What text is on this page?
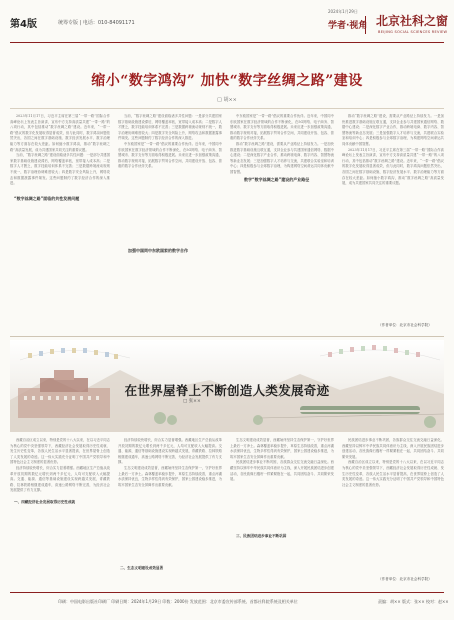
第4版	统筹专版 | 电话：010-84091171
2024年1月29日
学者·视角 北京社科之窗
BEIJING SOCIAL SCIENCES REVIEW
缩小“数字鸿沟” 加快“数字丝绸之路”建设
□ 胡××

2023年11月17日，习近平主席在第三届“一带一路”国际合作高峰论坛上发表主旨演讲，宣布中方支持高质量共建“一带一路”的八项行动，其中包括推动“数字丝绸之路”建设。近年来，“一带一路”倡议的数字化发展取得显著成效，但与此同时，数字鸿沟问题依然突出，各国之间在数字基础设施、数字经济发展水平、数字治理能力等方面存在较大差距。如何缩小数字鸿沟，推动“数字丝绸之路”高质量发展，成为共建国家共同关注的重要议题。

当前，“数字丝绸之路”建设面临诸多共性问题：一是部分共建国家数字基础设施建设滞后，网络覆盖率低，宽带接入成本高；二是数字人才匮乏，数字技能培训体系不完善；三是数据跨境流动规则不统一，数字治理协调难度较大；四是数字安全风险上升，网络攻击和数据泄露事件频发。这些问题制约了数字经济合作的深入推进。

“数字丝绸之路”面临的共性发展问题

当前，“数字丝绸之路”建设面临诸多共性问题：一是部分共建国家数字基础设施建设滞后，网络覆盖率低，宽带接入成本高；二是数字人才匮乏，数字技能培训体系不完善；三是数据跨境流动规则不统一，数字治理协调难度较大；四是数字安全风险上升，网络攻击和数据泄露事件频发。这些问题制约了数字经济合作的深入推进。

中东欧国家是“一带一路”倡议的重要合作伙伴。近年来，中国同中东欧国家在数字经济领域的合作不断深化，在5G网络、电子商务、智慧城市、数字支付等方面取得积极进展。未来应进一步加强政策沟通，推动数字规则对接，拓展数字贸易合作空间，共同建设开放、包容、普惠的数字合作伙伴关系。

加强中国同中东欧国家的数字合作

中东欧国家是“一带一路”倡议的重要合作伙伴。近年来，中国同中东欧国家在数字经济领域的合作不断深化，在5G网络、电子商务、智慧城市、数字支付等方面取得积极进展。未来应进一步加强政策沟通，推动数字规则对接，拓展数字贸易合作空间，共同建设开放、包容、普惠的数字合作伙伴关系。

推动“数字丝绸之路”建设，需要从产业路径上持续发力。一是加快推进数字基础设施互联互通，支持企业参与共建国家通信网络、数据中心建设；二是深化数字产业合作，推动跨境电商、数字内容、智慧物流等新业态发展；三是加强数字人才培养与交流，共建联合实验室和培训中心；四是积极参与全球数字治理，为构建网络空间命运共同体贡献中国智慧。

数字“数字丝绸之路”建设的产业路径

推动“数字丝绸之路”建设，需要从产业路径上持续发力。一是加快推进数字基础设施互联互通，支持企业参与共建国家通信网络、数据中心建设；二是深化数字产业合作，推动跨境电商、数字内容、智慧物流等新业态发展；三是加强数字人才培养与交流，共建联合实验室和培训中心；四是积极参与全球数字治理，为构建网络空间命运共同体贡献中国智慧。

2023年11月17日，习近平主席在第三届“一带一路”国际合作高峰论坛上发表主旨演讲，宣布中方支持高质量共建“一带一路”的八项行动，其中包括推动“数字丝绸之路”建设。近年来，“一带一路”倡议的数字化发展取得显著成效，但与此同时，数字鸿沟问题依然突出，各国之间在数字基础设施、数字经济发展水平、数字治理能力等方面存在较大差距。如何缩小数字鸿沟，推动“数字丝绸之路”高质量发展，成为共建国家共同关注的重要议题。

（作者单位：北京市社会科学院）
在世界屋脊上不断创造人类发展奇迹
□ 张××

西藏自治区成立以来，特别是党的十八大以来，在以习近平同志为核心的党中央坚强领导下，西藏经济社会发展取得历史性成就、发生历史性变革，各族人民生活水平显著提高，在世界屋脊上创造了人类发展的奇迹。这一伟大实践充分证明了中国共产党领导和中国特色社会主义制度的显著优势。

经济持续较快增长，综合实力显著增强。西藏地区生产总值从改革开放初期的数亿元增长到两千多亿元，人均可支配收入大幅提高。交通、能源、通信等基础设施建设实现跨越式发展，青藏铁路、拉林铁路相继建成通车，高速公路网络不断完善，为经济社会发展提供了有力支撑。

一、西藏经济社会发展取得历史性成就

经济持续较快增长，综合实力显著增强。西藏地区生产总值从改革开放初期的数亿元增长到两千多亿元，人均可支配收入大幅提高。交通、能源、通信等基础设施建设实现跨越式发展，青藏铁路、拉林铁路相继建成通车，高速公路网络不断完善，为经济社会发展提供了有力支撑。

生态文明建设成效显著，西藏始终坚持生态保护第一，守护好世界上最后一方净土。森林覆盖率稳步提升，草原生态持续改善，重点河湖水质保持优良，生物多样性得到有效保护，国家公园建设稳步推进，为筑牢国家生态安全屏障作出重要贡献。

二、生态文明建设成效显著

生态文明建设成效显著，西藏始终坚持生态保护第一，守护好世界上最后一方净土。森林覆盖率稳步提升，草原生态持续改善，重点河湖水质保持优良，生物多样性得到有效保护，国家公园建设稳步推进，为筑牢国家生态安全屏障作出重要贡献。

民族团结进步事业不断巩固，各族群众交往交流交融日益深化。西藏坚持以铸牢中华民族共同体意识为主线，深入开展民族团结进步创建活动，各民族像石榴籽一样紧紧抱在一起，共同团结奋斗、共同繁荣发展。

三、民族团结进步事业不断巩固

民族团结进步事业不断巩固，各族群众交往交流交融日益深化。西藏坚持以铸牢中华民族共同体意识为主线，深入开展民族团结进步创建活动，各民族像石榴籽一样紧紧抱在一起，共同团结奋斗、共同繁荣发展。

西藏自治区成立以来，特别是党的十八大以来，在以习近平同志为核心的党中央坚强领导下，西藏经济社会发展取得历史性成就、发生历史性变革，各族人民生活水平显著提高，在世界屋脊上创造了人类发展的奇迹。这一伟大实践充分证明了中国共产党领导和中国特色社会主义制度的显著优势。

（作者单位：北京市社会科学院）
印刷：中国电影出版社印刷厂 印刷日期：2024年1月29日 印数：2000份 发放范围：北京市委宣传部系统、首都社科院系统及相关单位	责编：胡×× 版式：张×× 校对：赵××
